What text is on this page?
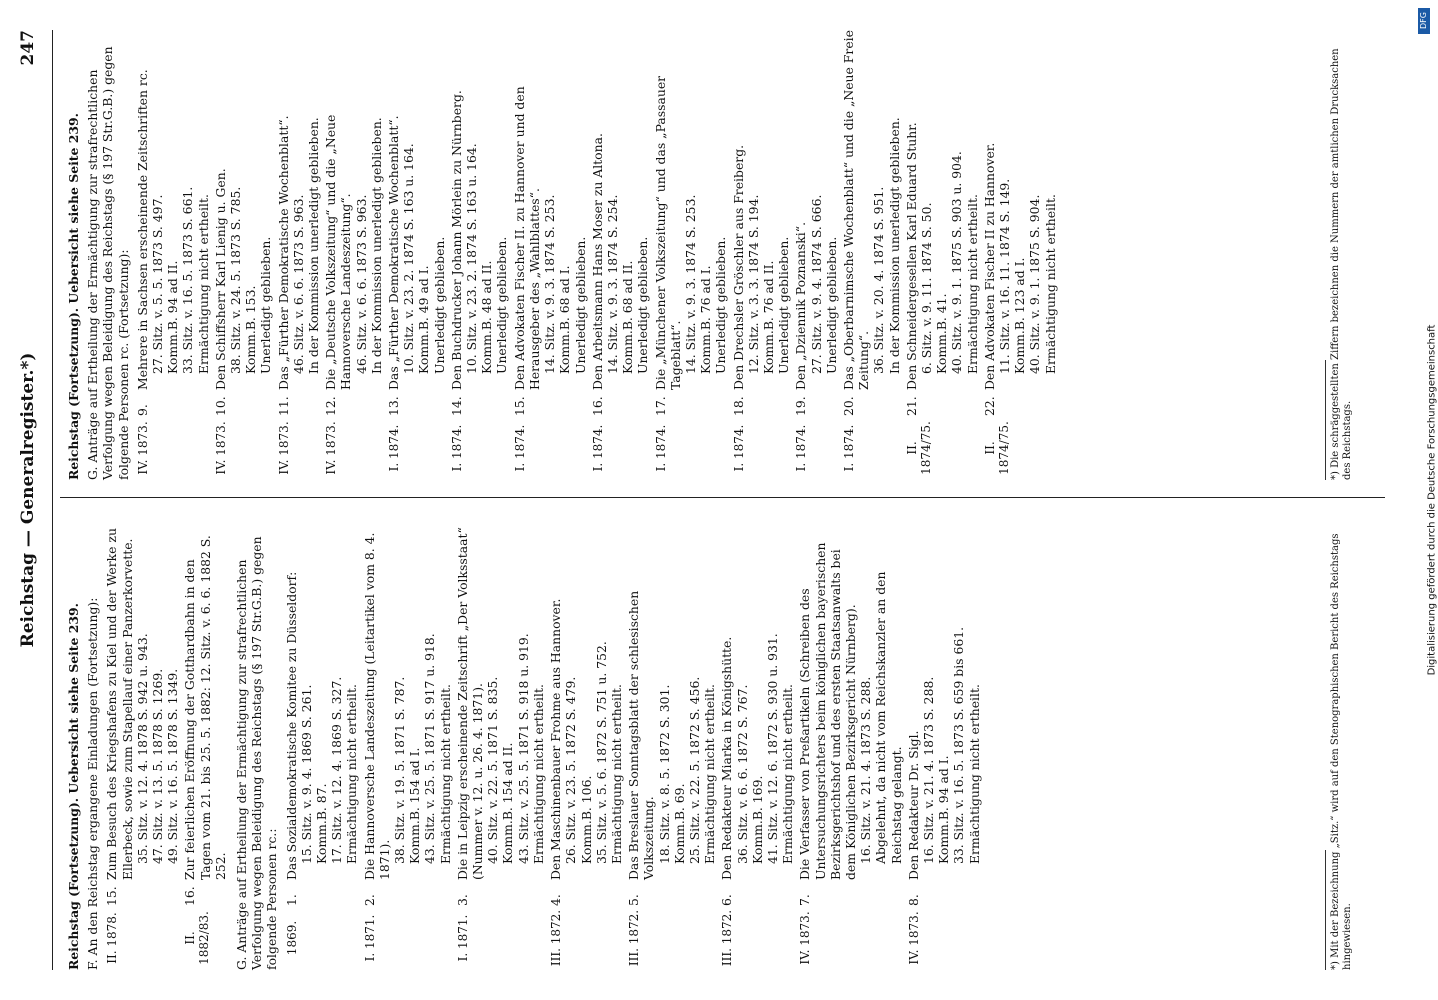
Reichstag — Generalregister.*)
247
Reichstag (Fortsetzung). Uebersicht siehe Seite 239. F. An den Reichstag ergangene Einladungen (Fortsetzung): II. 1878.
15.
Zum Besuch des Kriegshafens zu Kiel und der Werke zu Ellerbeck, sowie zum Stapellauf einer Panzerkorvette. 35. Sitz. v. 12. 4. 1878 S. 942 u. 943. 47. Sitz. v. 13. 5. 1878 S. 1269. 49. Sitz. v. 16. 5. 1878 S. 1349.
II. 1882/83.
16.
Zur feierlichen Eröffnung der Gotthardbahn in den Tagen vom 21. bis 25. 5. 1882: 12. Sitz. v. 6. 6. 1882 S. 252. G. Anträge auf Ertheilung der Ermächtigung zur strafrechtlichen Verfolgung wegen Beleidigung des Reichstags (§ 197 Str.G.B.) gegen folgende Personen rc.: 1869.
1.
Das Sozialdemokratische Komitee zu Düsseldorf: 15. Sitz. v. 9. 4. 1869 S. 261. Komm.B. 87. 17. Sitz. v. 12. 4. 1869 S. 327. Ermächtigung nicht ertheilt.
I. 1871.
2.
Die Hannoversche Landeszeitung (Leitartikel vom 8. 4. 1871). 38. Sitz. v. 19. 5. 1871 S. 787. Komm.B. 154 ad I. 43. Sitz. v. 25. 5. 1871 S. 917 u. 918. Ermächtigung nicht ertheilt.
I. 1871.
3.
Die in Leipzig erscheinende Zeitschrift „Der Volksstaat“ (Nummer v. 12. u. 26. 4. 1871). 40. Sitz. v. 22. 5. 1871 S. 835. Komm.B. 154 ad II. 43. Sitz. v. 25. 5. 1871 S. 918 u. 919. Ermächtigung nicht ertheilt.
III. 1872.
4.
Den Maschinenbauer Frohme aus Hannover. 26. Sitz. v. 23. 5. 1872 S. 479. Komm.B. 106. 35. Sitz. v. 5. 6. 1872 S. 751 u. 752. Ermächtigung nicht ertheilt.
III. 1872.
5.
Das Breslauer Sonntagsblatt der schlesischen Volkszeitung. 18. Sitz. v. 8. 5. 1872 S. 301. Komm.B. 69. 25. Sitz. v. 22. 5. 1872 S. 456. Ermächtigung nicht ertheilt.
III. 1872.
6.
Den Redakteur Miarka in Königshütte. 36. Sitz. v. 6. 6. 1872 S. 767. Komm.B. 169. 41. Sitz. v. 12. 6. 1872 S. 930 u. 931. Ermächtigung nicht ertheilt.
IV. 1873.
7.
Die Verfasser von Preßartikeln (Schreiben des Untersuchungsrichters beim königlichen bayerischen Bezirksgerichtshof und des ersten Staatsanwalts bei dem Königlichen Bezirksgericht Nürnberg). 16. Sitz. v. 21. 4. 1873 S. 288. Abgelehnt, da nicht vom Reichskanzler an den Reichstag gelangt.
IV. 1873.
8.
Den Redakteur Dr. Sigl. 16. Sitz. v. 21. 4. 1873 S. 288. Komm.B. 94 ad I. 33. Sitz. v. 16. 5. 1873 S. 659 bis 661. Ermächtigung nicht ertheilt.
Reichstag (Fortsetzung). Uebersicht siehe Seite 239. G. Anträge auf Ertheilung der Ermächtigung zur strafrechtlichen Verfolgung wegen Beleidigung des Reichstags (§ 197 Str.G.B.) gegen folgende Personen rc. (Fortsetzung): IV. 1873.
9.
Mehrere in Sachsen erscheinende Zeitschriften rc. 27. Sitz. v. 5. 5. 1873 S. 497. Komm.B. 94 ad II. 33. Sitz. v. 16. 5. 1873 S. 661. Ermächtigung nicht ertheilt.
IV. 1873.
10.
Den Schiffsherr Karl Lienig u. Gen. 38. Sitz. v. 24. 5. 1873 S. 785. Komm.B. 153. Unerledigt geblieben.
IV. 1873.
11.
Das „Fürther Demokratische Wochenblatt“. 46. Sitz. v. 6. 6. 1873 S. 963. In der Kommission unerledigt geblieben.
IV. 1873.
12.
Die „Deutsche Volkszeitung“ und die „Neue Hannoversche Landeszeitung“. 46. Sitz. v. 6. 6. 1873 S. 963. In der Kommission unerledigt geblieben.
I. 1874.
13.
Das „Fürther Demokratische Wochenblatt“. 10. Sitz. v. 23. 2. 1874 S. 163 u. 164. Komm.B. 49 ad I. Unerledigt geblieben.
I. 1874.
14.
Den Buchdrucker Johann Mörlein zu Nürnberg. 10. Sitz. v. 23. 2. 1874 S. 163 u. 164. Komm.B. 48 ad II. Unerledigt geblieben.
I. 1874.
15.
Den Advokaten Fischer II. zu Hannover und den Herausgeber des „Wahlblattes“. 14. Sitz. v. 9. 3. 1874 S. 253. Komm.B. 68 ad I. Unerledigt geblieben.
I. 1874.
16.
Den Arbeitsmann Hans Moser zu Altona. 14. Sitz. v. 9. 3. 1874 S. 254. Komm.B. 68 ad II. Unerledigt geblieben.
I. 1874.
17.
Die „Münchener Volkszeitung“ und das „Passauer Tageblatt“. 14. Sitz. v. 9. 3. 1874 S. 253. Komm.B. 76 ad I. Unerledigt geblieben.
I. 1874.
18.
Den Drechsler Gröschler aus Freiberg. 12. Sitz. v. 3. 3. 1874 S. 194. Komm.B. 76 ad II. Unerledigt geblieben.
I. 1874.
19.
Den „Dziennik Poznanski“. 27. Sitz. v. 9. 4. 1874 S. 666. Unerledigt geblieben.
I. 1874.
20.
Das „Oberbarnimsche Wochenblatt“ und die „Neue Freie Zeitung“. 36. Sitz. v. 20. 4. 1874 S. 951. In der Kommission unerledigt geblieben.
II. 1874/75.
21.
Den Schneidergesellen Karl Eduard Stuhr. 6. Sitz. v. 9. 11. 1874 S. 50. Komm.B. 41. 40. Sitz. v. 9. 1. 1875 S. 903 u. 904. Ermächtigung nicht ertheilt.
II. 1874/75.
22.
Den Advokaten Fischer II zu Hannover. 11. Sitz. v. 16. 11. 1874 S. 149. Komm.B. 123 ad I. 40. Sitz. v. 9. 1. 1875 S. 904. Ermächtigung nicht ertheilt.
*) Mit der Bezeichnung „Sitz.“ wird auf den Stenographischen Bericht des Reichstags hingewiesen.
*) Die schräggestellten Ziffern bezeichnen die Nummern der amtlichen Drucksachen des Reichstags.
DFG
Digitalisierung gefördert durch die Deutsche Forschungsgemeinschaft
